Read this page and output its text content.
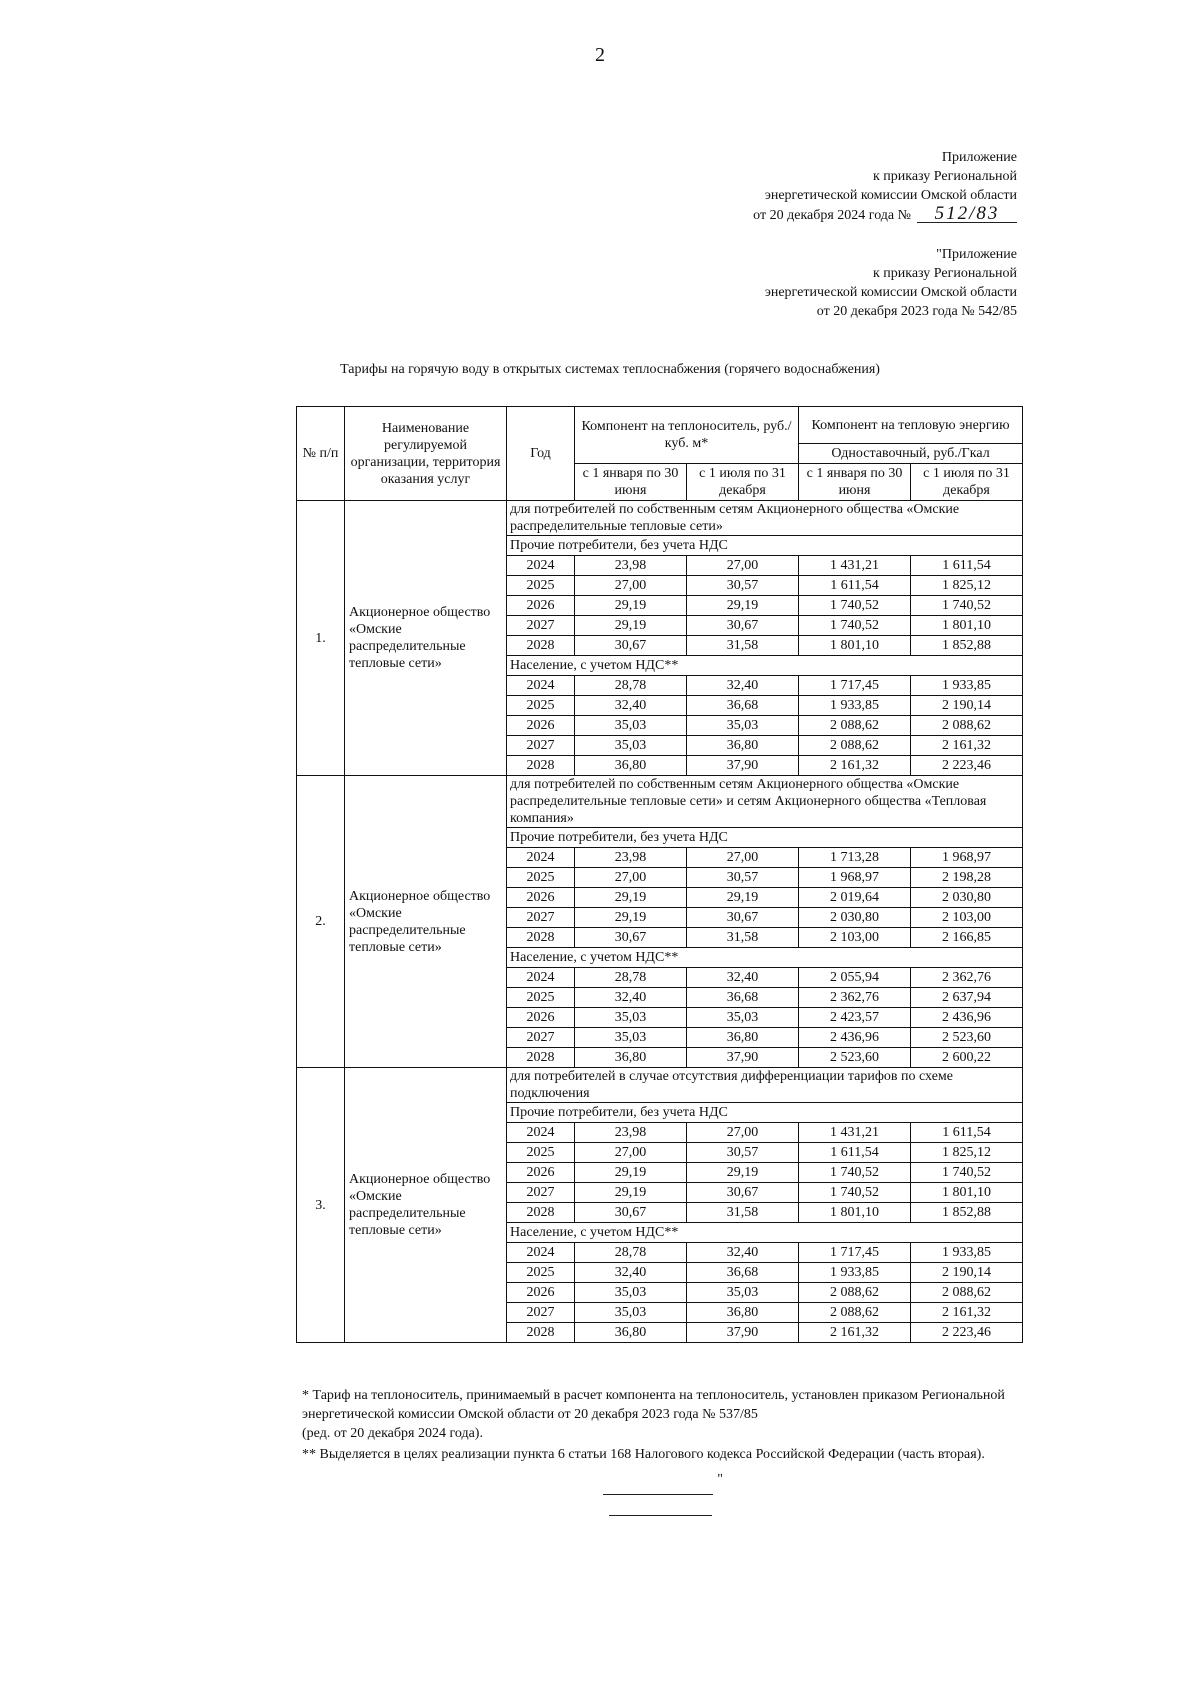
2
Приложение
к приказу Региональной
энергетической комиссии Омской области
от 20 декабря 2024 года № 512/83
"Приложение
к приказу Региональной
энергетической комиссии Омской области
от 20 декабря 2023 года № 542/85
Тарифы на горячую воду в открытых системах теплоснабжения (горячего водоснабжения)
№ п/п	Наименование регулируемой организации, территория оказания услуг	Год	Компонент на теплоноситель, руб./куб. м*		Компонент на тепловую энергию	
					Одноставочный, руб./Гкал	
			с 1 января по 30 июня	с 1 июля по 31 декабря	с 1 января по 30 июня	с 1 июля по 31 декабря
1.	Акционерное общество «Омские распределительные тепловые сети»	для потребителей по собственным сетям Акционерного общества «Омские распределительные тепловые сети»				
		Прочие потребители, без учета НДС				
		2024	23,98	27,00	1 431,21	1 611,54
		2025	27,00	30,57	1 611,54	1 825,12
		2026	29,19	29,19	1 740,52	1 740,52
		2027	29,19	30,67	1 740,52	1 801,10
		2028	30,67	31,58	1 801,10	1 852,88
		Население, с учетом НДС**				
		2024	28,78	32,40	1 717,45	1 933,85
		2025	32,40	36,68	1 933,85	2 190,14
		2026	35,03	35,03	2 088,62	2 088,62
		2027	35,03	36,80	2 088,62	2 161,32
		2028	36,80	37,90	2 161,32	2 223,46
2.	Акционерное общество «Омские распределительные тепловые сети»	для потребителей по собственным сетям Акционерного общества «Омские распределительные тепловые сети» и сетям Акционерного общества «Тепловая компания»				
		Прочие потребители, без учета НДС				
		2024	23,98	27,00	1 713,28	1 968,97
		2025	27,00	30,57	1 968,97	2 198,28
		2026	29,19	29,19	2 019,64	2 030,80
		2027	29,19	30,67	2 030,80	2 103,00
		2028	30,67	31,58	2 103,00	2 166,85
		Население, с учетом НДС**				
		2024	28,78	32,40	2 055,94	2 362,76
		2025	32,40	36,68	2 362,76	2 637,94
		2026	35,03	35,03	2 423,57	2 436,96
		2027	35,03	36,80	2 436,96	2 523,60
		2028	36,80	37,90	2 523,60	2 600,22
3.	Акционерное общество «Омские распределительные тепловые сети»	для потребителей в случае отсутствия дифференциации тарифов по схеме подключения				
		Прочие потребители, без учета НДС				
		2024	23,98	27,00	1 431,21	1 611,54
		2025	27,00	30,57	1 611,54	1 825,12
		2026	29,19	29,19	1 740,52	1 740,52
		2027	29,19	30,67	1 740,52	1 801,10
		2028	30,67	31,58	1 801,10	1 852,88
		Население, с учетом НДС**				
		2024	28,78	32,40	1 717,45	1 933,85
		2025	32,40	36,68	1 933,85	2 190,14
		2026	35,03	35,03	2 088,62	2 088,62
		2027	35,03	36,80	2 088,62	2 161,32
		2028	36,80	37,90	2 161,32	2 223,46

* Тариф на теплоноситель, принимаемый в расчет компонента на теплоноситель, установлен приказом Региональной энергетической комиссии Омской области от 20 декабря 2023 года № 537/85
(ред. от 20 декабря 2024 года).

** Выделяется в целях реализации пункта 6 статьи 168 Налогового кодекса Российской Федерации (часть вторая).

"
